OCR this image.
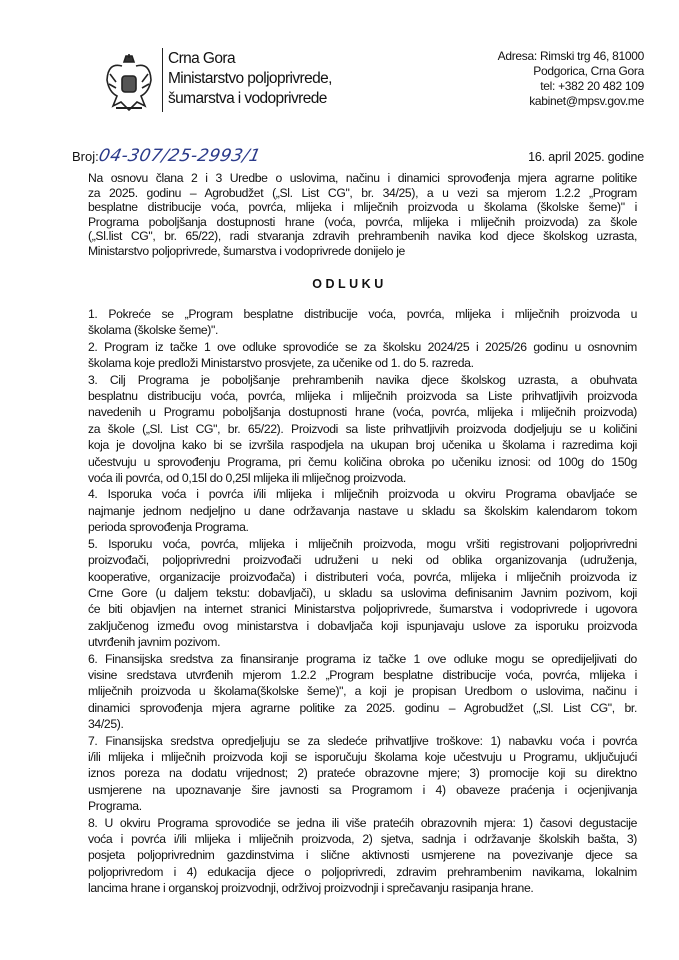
Crna Gora
Ministarstvo poljoprivrede,
šumarstva i vodoprivrede
Adresa: Rimski trg 46, 81000
Podgorica, Crna Gora
tel: +382 20 482 109
kabinet@mpsv.gov.me
Broj:04-307/25-2993/1	16. april 2025. godine
Na osnovu člana 2 i 3 Uredbe o uslovima, načinu i dinamici sprovođenja mjera agrarne politike
za 2025. godinu – Agrobudžet („Sl. List CG", br. 34/25), a u vezi sa mjerom 1.2.2 „Program
besplatne distribucije voća, povrća, mlijeka i mliječnih proizvoda u školama (školske šeme)" i
Programa poboljšanja dostupnosti hrane (voća, povrća, mlijeka i mliječnih proizvoda) za škole
(„Sl.list CG", br. 65/22), radi stvaranja zdravih prehrambenih navika kod djece školskog uzrasta,
Ministarstvo poljoprivrede, šumarstva i vodoprivrede donijelo je
ODLUKU
1. Pokreće se „Program besplatne distribucije voća, povrća, mlijeka i mliječnih proizvoda u
školama (školske šeme)".
2. Program iz tačke 1 ove odluke sprovodiće se za školsku 2024/25 i 2025/26 godinu u osnovnim
školama koje predloži Ministarstvo prosvjete, za učenike od 1. do 5. razreda.
3. Cilj Programa je poboljšanje prehrambenih navika djece školskog uzrasta, a obuhvata
besplatnu distribuciju voća, povrća, mlijeka i mliječnih proizvoda sa Liste prihvatljivih proizvoda
navedenih u Programu poboljšanja dostupnosti hrane (voća, povrća, mlijeka i mliječnih proizvoda)
za škole („Sl. List CG", br. 65/22). Proizvodi sa liste prihvatljivih proizvoda dodjeljuju se u količini
koja je dovoljna kako bi se izvršila raspodjela na ukupan broj učenika u školama i razredima koji
učestvuju u sprovođenju Programa, pri čemu količina obroka po učeniku iznosi: od 100g do 150g
voća ili povrća, od 0,15l do 0,25l mlijeka ili mliječnog proizvoda.
4. Isporuka voća i povrća i/ili mlijeka i mliječnih proizvoda u okviru Programa obavljaće se
najmanje jednom nedjeljno u dane održavanja nastave u skladu sa školskim kalendarom tokom
perioda sprovođenja Programa.
5. Isporuku voća, povrća, mlijeka i mliječnih proizvoda, mogu vršiti registrovani poljoprivredni
proizvođači, poljoprivredni proizvođači udruženi u neki od oblika organizovanja (udruženja,
kooperative, organizacije proizvođača) i distributeri voća, povrća, mlijeka i mliječnih proizvoda iz
Crne Gore (u daljem tekstu: dobavljači), u skladu sa uslovima definisanim Javnim pozivom, koji
će biti objavljen na internet stranici Ministarstva poljoprivrede, šumarstva i vodoprivrede i ugovora
zaključenog između ovog ministarstva i dobavljača koji ispunjavaju uslove za isporuku proizvoda
utvrđenih javnim pozivom.
6. Finansijska sredstva za finansiranje programa iz tačke 1 ove odluke mogu se opredijeljivati do
visine sredstava utvrđenih mjerom 1.2.2 „Program besplatne distribucije voća, povrća, mlijeka i
mliječnih proizvoda u školama(školske šeme)", a koji je propisan Uredbom o uslovima, načinu i
dinamici sprovođenja mjera agrarne politike za 2025. godinu – Agrobudžet („Sl. List CG", br.
34/25).
7. Finansijska sredstva opredjeljuju se za sledeće prihvatljive troškove: 1) nabavku voća i povrća
i/ili mlijeka i mliječnih proizvoda koji se isporučuju školama koje učestvuju u Programu, uključujući
iznos poreza na dodatu vrijednost; 2) prateće obrazovne mjere; 3) promocije koji su direktno
usmjerene na upoznavanje šire javnosti sa Programom i 4) obaveze praćenja i ocjenjivanja
Programa.
8. U okviru Programa sprovodiće se jedna ili više pratećih obrazovnih mjera: 1) časovi degustacije
voća i povrća i/ili mlijeka i mliječnih proizvoda, 2) sjetva, sadnja i održavanje školskih bašta, 3)
posjeta poljoprivrednim gazdinstvima i slične aktivnosti usmjerene na povezivanje djece sa
poljoprivredom i 4) edukacija djece o poljoprivredi, zdravim prehrambenim navikama, lokalnim
lancima hrane i organskoj proizvodnji, održivoj proizvodnji i sprečavanju rasipanja hrane.
